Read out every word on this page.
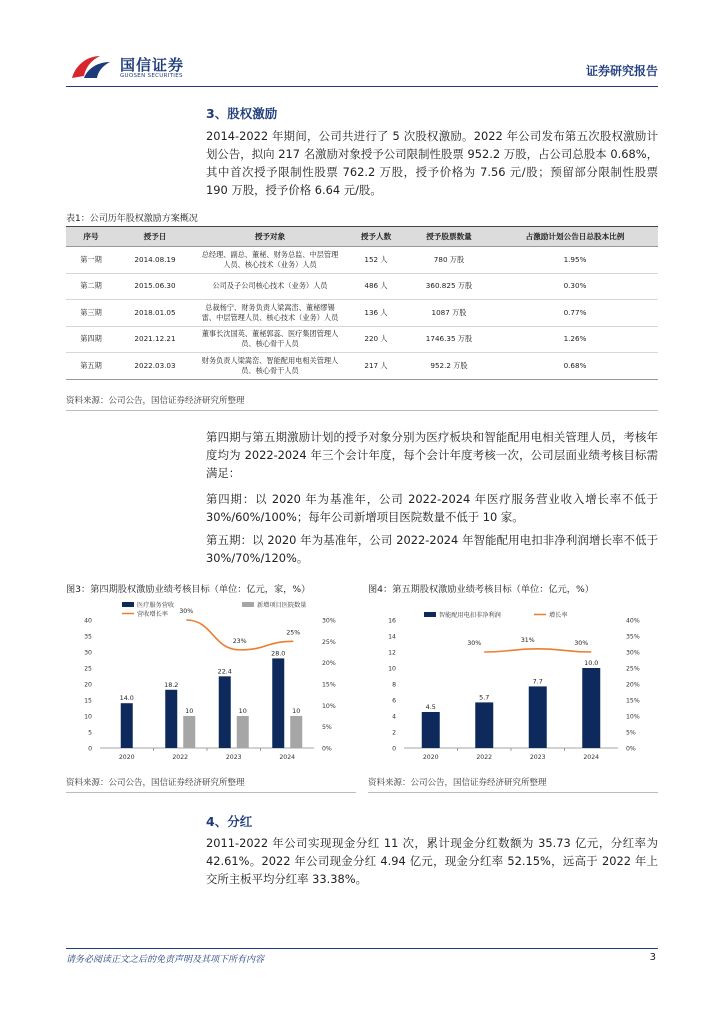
国信证券
GUOSEN SECURITIES	证券研究报告
3、股权激励
2014-2022 年期间，公司共进行了 5 次股权激励。2022 年公司发布第五次股权激励计划公告，拟向 217 名激励对象授予公司限制性股票 952.2 万股，占公司总股本 0.68%，其中首次授予限制性股票 762.2 万股，授予价格为 7.56 元/股；预留部分限制性股票 190 万股，授予价格 6.64 元/股。
表1：公司历年股权激励方案概况
序号	授予日	授予对象	授予人数	授予股票数量	占激励计划公告日总股本比例
第一期	2014.08.19	总经理、副总、董秘、财务总监、中层管理人员、核心技术（业务）人员	152 人	780 万股	1.95%
第二期	2015.06.30	公司及子公司核心技术（业务）人员	486 人	360.825 万股	0.30%
第三期	2018.01.05	总裁杨宁、财务负责人梁嵩峦、董秘缪锡雷、中层管理人员、核心技术（业务）人员	136 人	1087 万股	0.77%
第四期	2021.12.21	董事长沈国英、董秘郭蕊、医疗集团管理人员、核心骨干人员	220 人	1746.35 万股	1.26%
第五期	2022.03.03	财务负责人梁嵩峦、智能配用电相关管理人员、核心骨干人员	217 人	952.2 万股	0.68%
资料来源：公司公告，国信证券经济研究所整理
第四期与第五期激励计划的授予对象分别为医疗板块和智能配用电相关管理人员，考核年度均为 2022-2024 年三个会计年度，每个会计年度考核一次，公司层面业绩考核目标需满足：
第四期：以 2020 年为基准年，公司 2022-2024 年医疗服务营业收入增长率不低于 30%/60%/100%；每年公司新增项目医院数量不低于 10 家。
第五期：以 2020 年为基准年，公司 2022-2024 年智能配用电扣非净利润增长率不低于 30%/70%/120%。
图3：第四期股权激励业绩考核目标（单位：亿元，家，%）
医疗服务营收	新增项目医院数量
营收增长率
0
5
10
15
20
25
30
35
40
0%
5%
10%
15%
20%
25%
30%
2020
14.0
2022
18.2
10
2023
22.4
10
2024
28.0
10
30%
23%
25%
资料来源：公司公告，国信证券经济研究所整理
图4：第五期股权激励业绩考核目标（单位：亿元，%）
智能配用电扣非净利润	增长率
0
2
4
6
8
10
12
14
16
0%
5%
10%
15%
20%
25%
30%
35%
40%
2020
4.5
2022
5.7
2023
7.7
2024
10.0
30%	31%	30%
资料来源：公司公告，国信证券经济研究所整理
4、分红
2011-2022 年公司实现现金分红 11 次，累计现金分红数额为 35.73 亿元，分红率为 42.61%。2022 年公司现金分红 4.94 亿元，现金分红率 52.15%，远高于 2022 年上交所主板平均分红率 33.38%。
请务必阅读正文之后的免责声明及其项下所有内容	3
